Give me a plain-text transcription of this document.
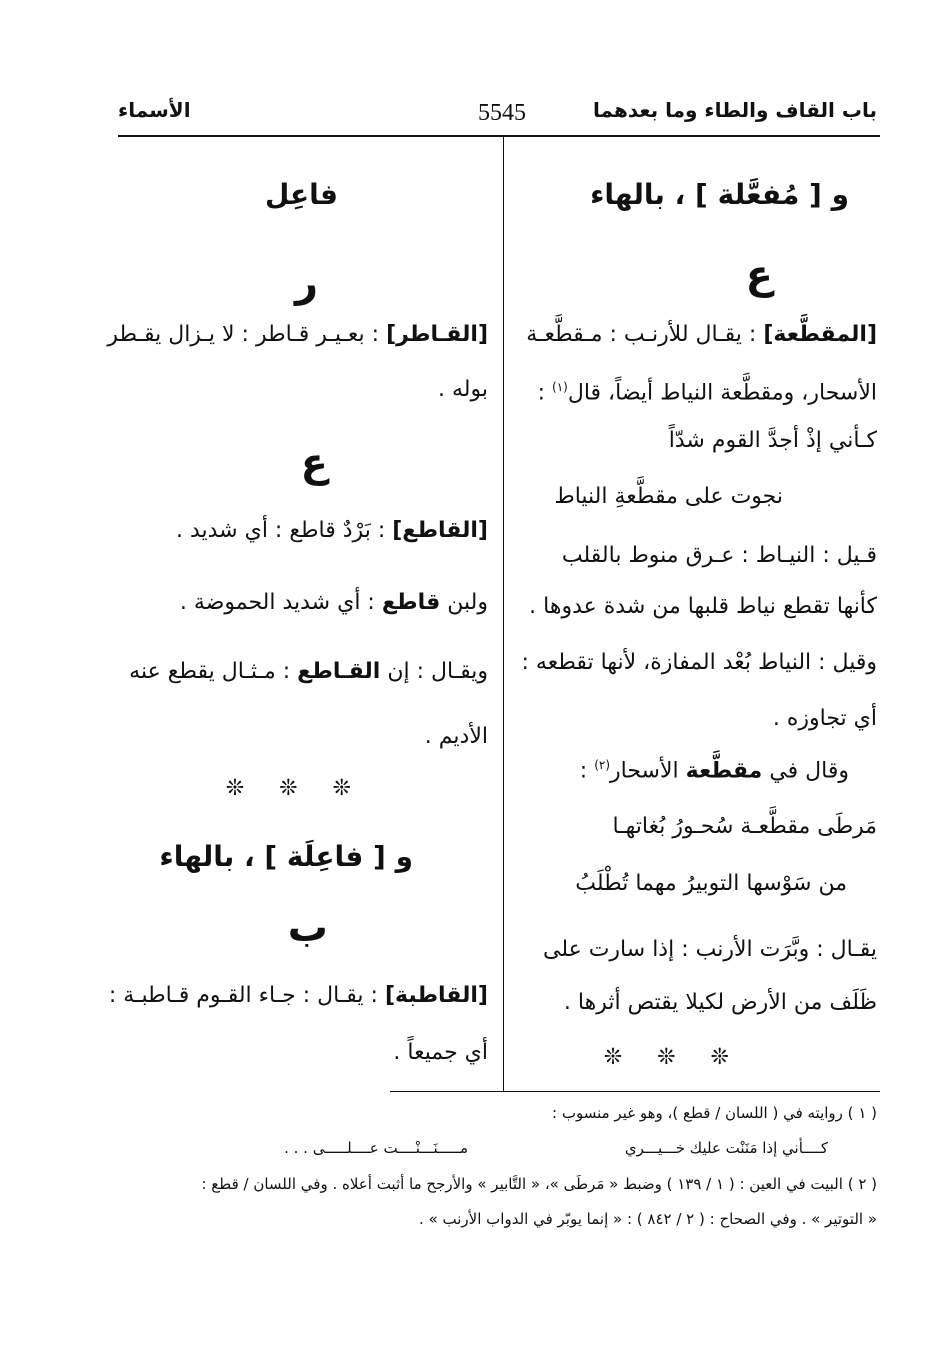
باب القاف والطاء وما بعدهما
5545
الأسماء
و [ مُفعَّلة ] ، بالهاء
ع
[المقطَّعة] : يقـال للأرنـب : مـقطَّعـة
الأسحار، ومقطَّعة النياط أيضاً، قال$^{(١)}$ :
كـأني إذْ أجدَّ القوم شدّاً
نجوت على مقطَّعةِ النياط
قـيل : النيـاط : عـرق منوط بالقلب
كأنها تقطع نياط قلبها من شدة عدوها .
وقيل : النياط بُعْد المفازة، لأنها تقطعه :
أي تجاوزه .
وقال في مقطَّعة الأسحار$^{(٢)}$ :
مَرطَى مقطَّعـة سُحـورُ بُغاتهـا
من سَوْسها التوبيرُ مهما تُطْلَبُ
يقـال : وبَّرَت الأرنب : إذا سارت على
ظَلَف من الأرض لكيلا يقتص أثرها .
❊ ❊ ❊
فاعِل
ر
[القـاطر] : بعـيـر قـاطر : لا يـزال يقـطر
بوله .
ع
[القاطع] : بَرْدٌ قاطع : أي شديد .
ولبن قاطع : أي شديد الحموضة .
ويقـال : إن القـاطع : مـثـال يقطع عنه
الأديم .
❊ ❊ ❊
و [ فاعِلَة ] ، بالهاء
ب
[القاطبة] : يقـال : جـاء القـوم قـاطبـة :
أي جميعاً .
( ١ ) روايته في ( اللسان / قطع )، وهو غير منسوب :
كــــأني إذا مَنَنْت عليك خـــيـــري
مـــــنَـــنْــــت عــــلـــــى . . .
( ٢ ) البيت في العين : ( ١ / ١٣٩ ) وضبط « مَرطَى »، « التَّابير » والأرجح ما أثبت أعلاه . وفي اللسان / قطع :
« التوتير » . وفي الصحاح : ( ٢ / ٨٤٢ ) : « إنما يوبّر في الدواب الأرنب » .
